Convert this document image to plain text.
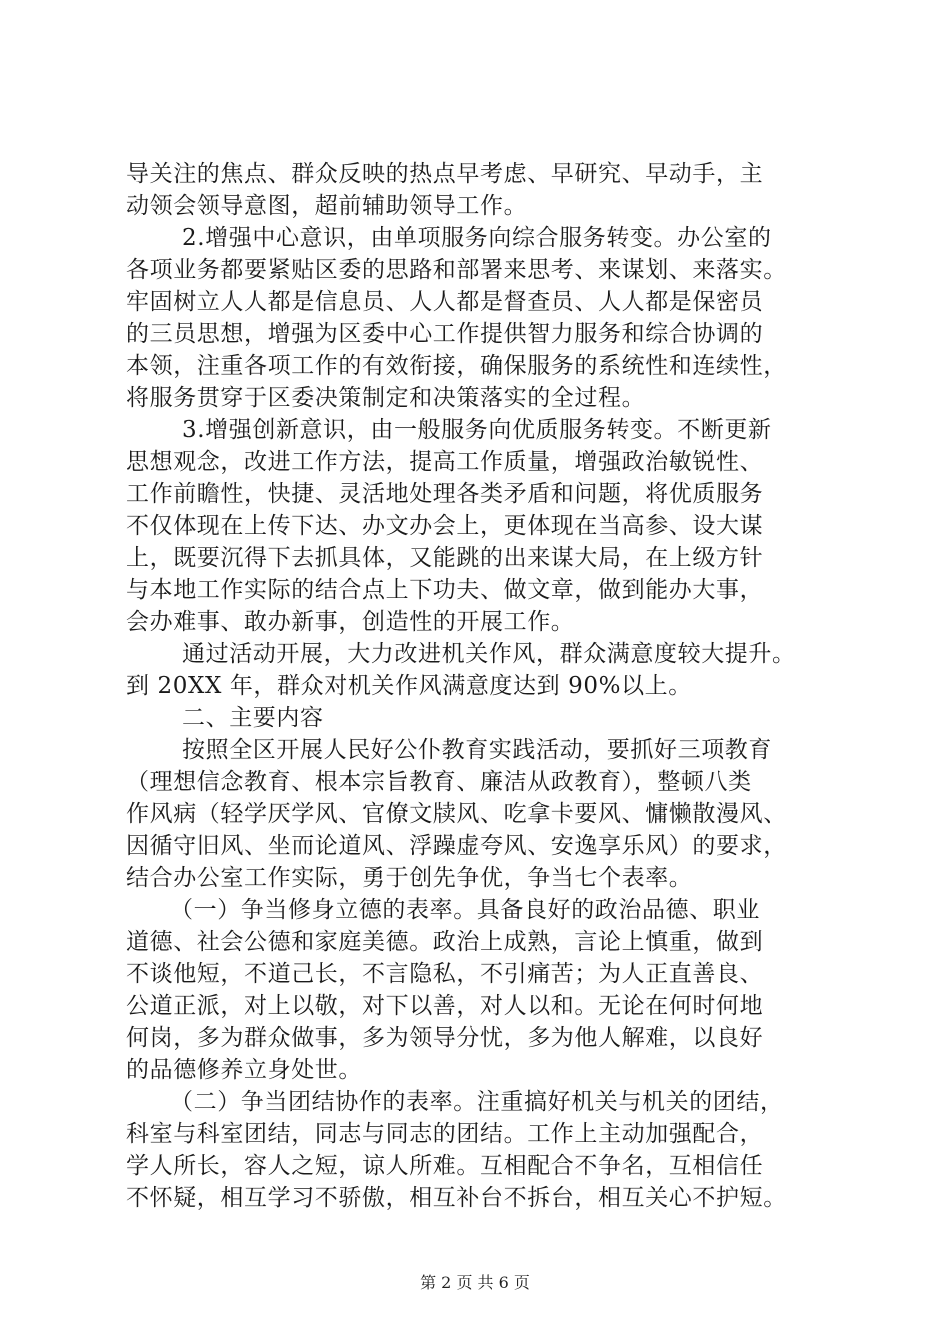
导关注的焦点、群众反映的热点早考虑、早研究、早动手，主
动领会领导意图，超前辅助领导工作。
2.增强中心意识，由单项服务向综合服务转变。办公室的
各项业务都要紧贴区委的思路和部署来思考、来谋划、来落实。
牢固树立人人都是信息员、人人都是督查员、人人都是保密员
的三员思想，增强为区委中心工作提供智力服务和综合协调的
本领，注重各项工作的有效衔接，确保服务的系统性和连续性，
将服务贯穿于区委决策制定和决策落实的全过程。
3.增强创新意识，由一般服务向优质服务转变。不断更新
思想观念，改进工作方法，提高工作质量，增强政治敏锐性、
工作前瞻性，快捷、灵活地处理各类矛盾和问题，将优质服务
不仅体现在上传下达、办文办会上，更体现在当高参、设大谋
上，既要沉得下去抓具体，又能跳的出来谋大局，在上级方针
与本地工作实际的结合点上下功夫、做文章，做到能办大事，
会办难事、敢办新事，创造性的开展工作。
通过活动开展，大力改进机关作风，群众满意度较大提升。
到 20XX 年，群众对机关作风满意度达到 90%以上。
二、主要内容
按照全区开展人民好公仆教育实践活动，要抓好三项教育
（理想信念教育、根本宗旨教育、廉洁从政教育），整顿八类
作风病（轻学厌学风、官僚文牍风、吃拿卡要风、慵懒散漫风、
因循守旧风、坐而论道风、浮躁虚夸风、安逸享乐风）的要求，
结合办公室工作实际，勇于创先争优，争当七个表率。
（一）争当修身立德的表率。具备良好的政治品德、职业
道德、社会公德和家庭美德。政治上成熟，言论上慎重，做到
不谈他短，不道己长，不言隐私，不引痛苦；为人正直善良、
公道正派，对上以敬，对下以善，对人以和。无论在何时何地
何岗，多为群众做事，多为领导分忧，多为他人解难，以良好
的品德修养立身处世。
（二）争当团结协作的表率。注重搞好机关与机关的团结，
科室与科室团结，同志与同志的团结。工作上主动加强配合，
学人所长，容人之短，谅人所难。互相配合不争名，互相信任
不怀疑，相互学习不骄傲，相互补台不拆台，相互关心不护短。
第 2 页 共 6 页
